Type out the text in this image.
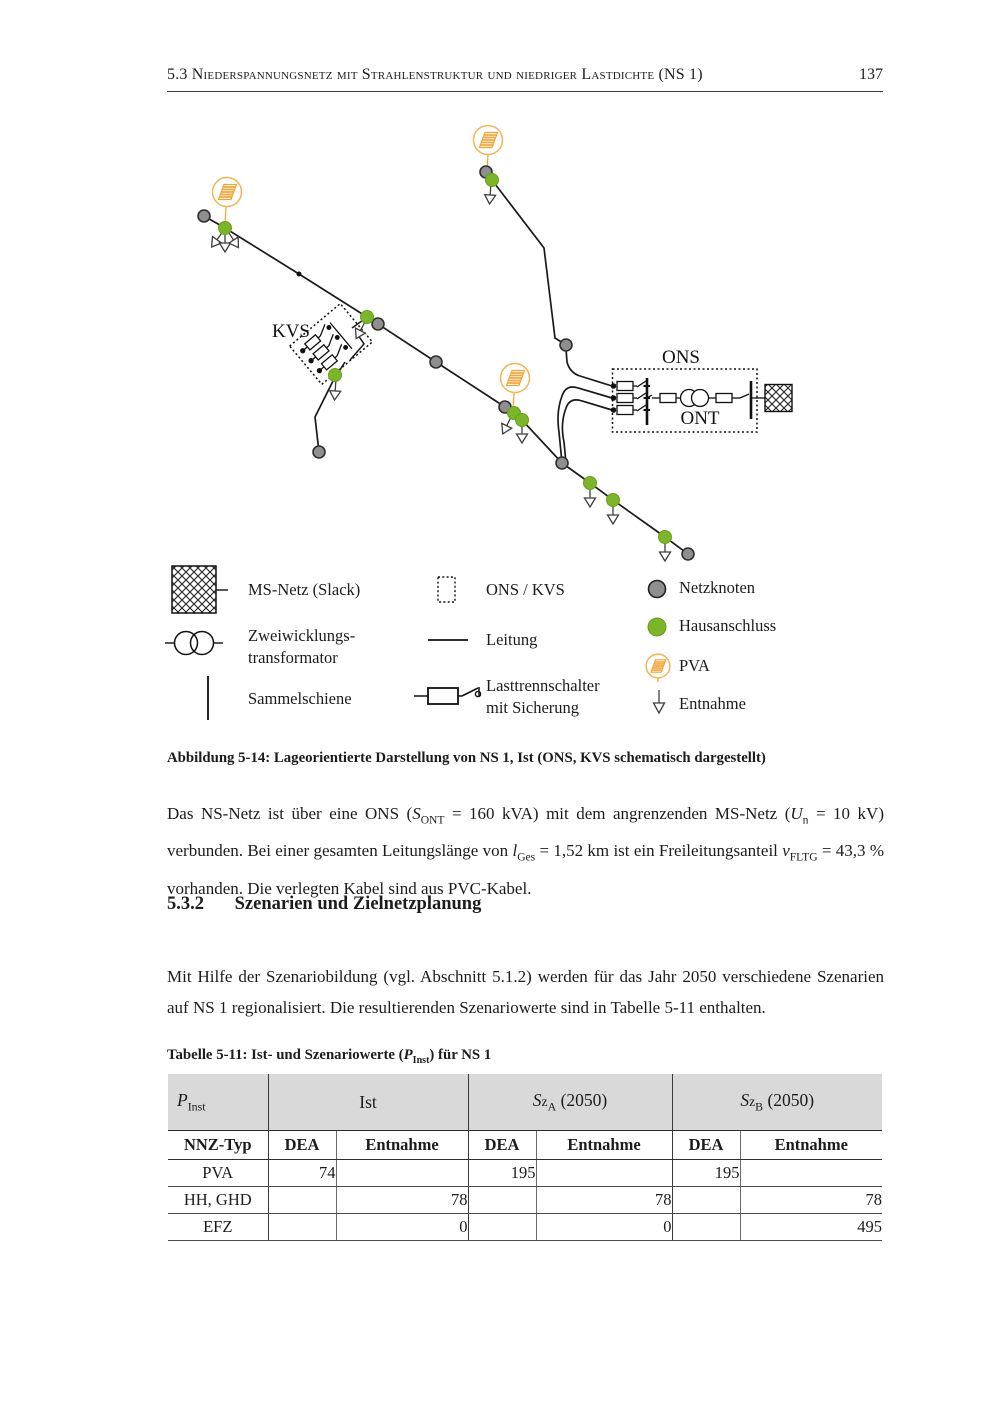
5.3 Niederspannungsnetz mit Strahlenstruktur und niedriger Lastdichte (NS 1)	137
KVS
ONS
ONT
MS-Netz (Slack)
Zweiwicklungs-
transformator
Sammelschiene
ONS / KVS
Leitung
Lasttrennschalter
mit Sicherung
Netzknoten
Hausanschluss
PVA
Entnahme
Abbildung 5-14: Lageorientierte Darstellung von NS 1, Ist (ONS, KVS schematisch dargestellt)

Das NS-Netz ist über eine ONS ($S_{ONT} = 160$ kVA) mit dem angrenzenden MS-Netz ($U_n = 10$ kV) verbunden. Bei einer gesamten Leitungslänge von $l_{Ges} = 1,52$ km ist ein Freileitungsanteil $v_{FLTG} = 43,3$ % vorhanden. Die verlegten Kabel sind aus PVC-Kabel.

5.3.2 Szenarien und Zielnetzplanung

Mit Hilfe der Szenariobildung (vgl. Abschnitt 5.1.2) werden für das Jahr 2050 verschiedene Szenarien auf NS 1 regionalisiert. Die resultierenden Szenariowerte sind in Tabelle 5-11 enthalten.

Tabelle 5-11: Ist- und Szenariowerte $(P_{Inst})$ für NS 1
$P_{Inst}$	Ist		$Sz_A$ (2050)		$Sz_B$ (2050)	
NNZ-Typ	DEA	Entnahme	DEA	Entnahme	DEA	Entnahme
PVA	74		195		195	
HH, GHD		78		78		78
EFZ		0		0		495
